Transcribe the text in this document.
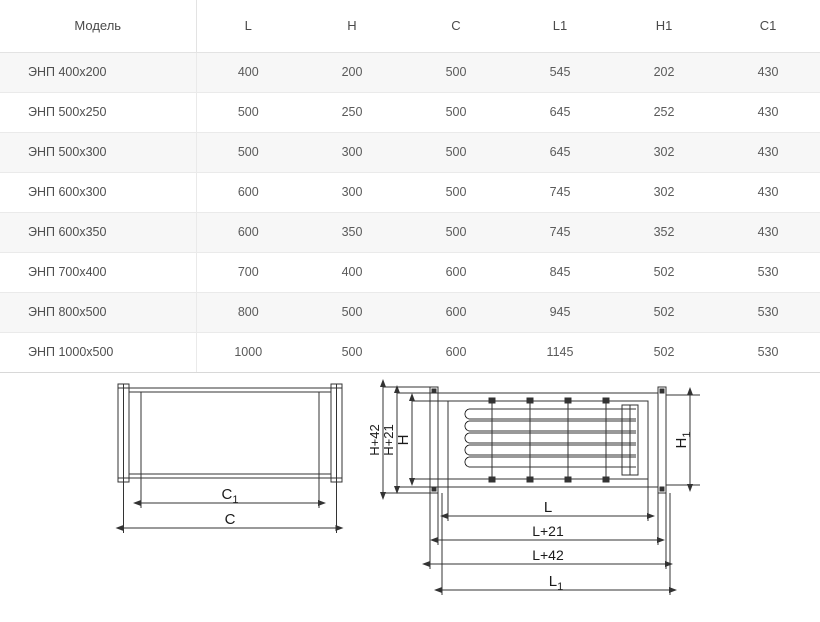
Модель	L	H	C	L1	H1	C1
ЭНП 400х200	400	200	500	545	202	430
ЭНП 500х250	500	250	500	645	252	430
ЭНП 500х300	500	300	500	645	302	430
ЭНП 600х300	600	300	500	745	302	430
ЭНП 600х350	600	350	500	745	352	430
ЭНП 700х400	700	400	600	845	502	530
ЭНП 800х500	800	500	600	945	502	530
ЭНП 1000х500	1000	500	600	1145	502	530
$C_1$
C
H+42 H+21 H	$H_1$
L
L+21
L+42
$L_1$
